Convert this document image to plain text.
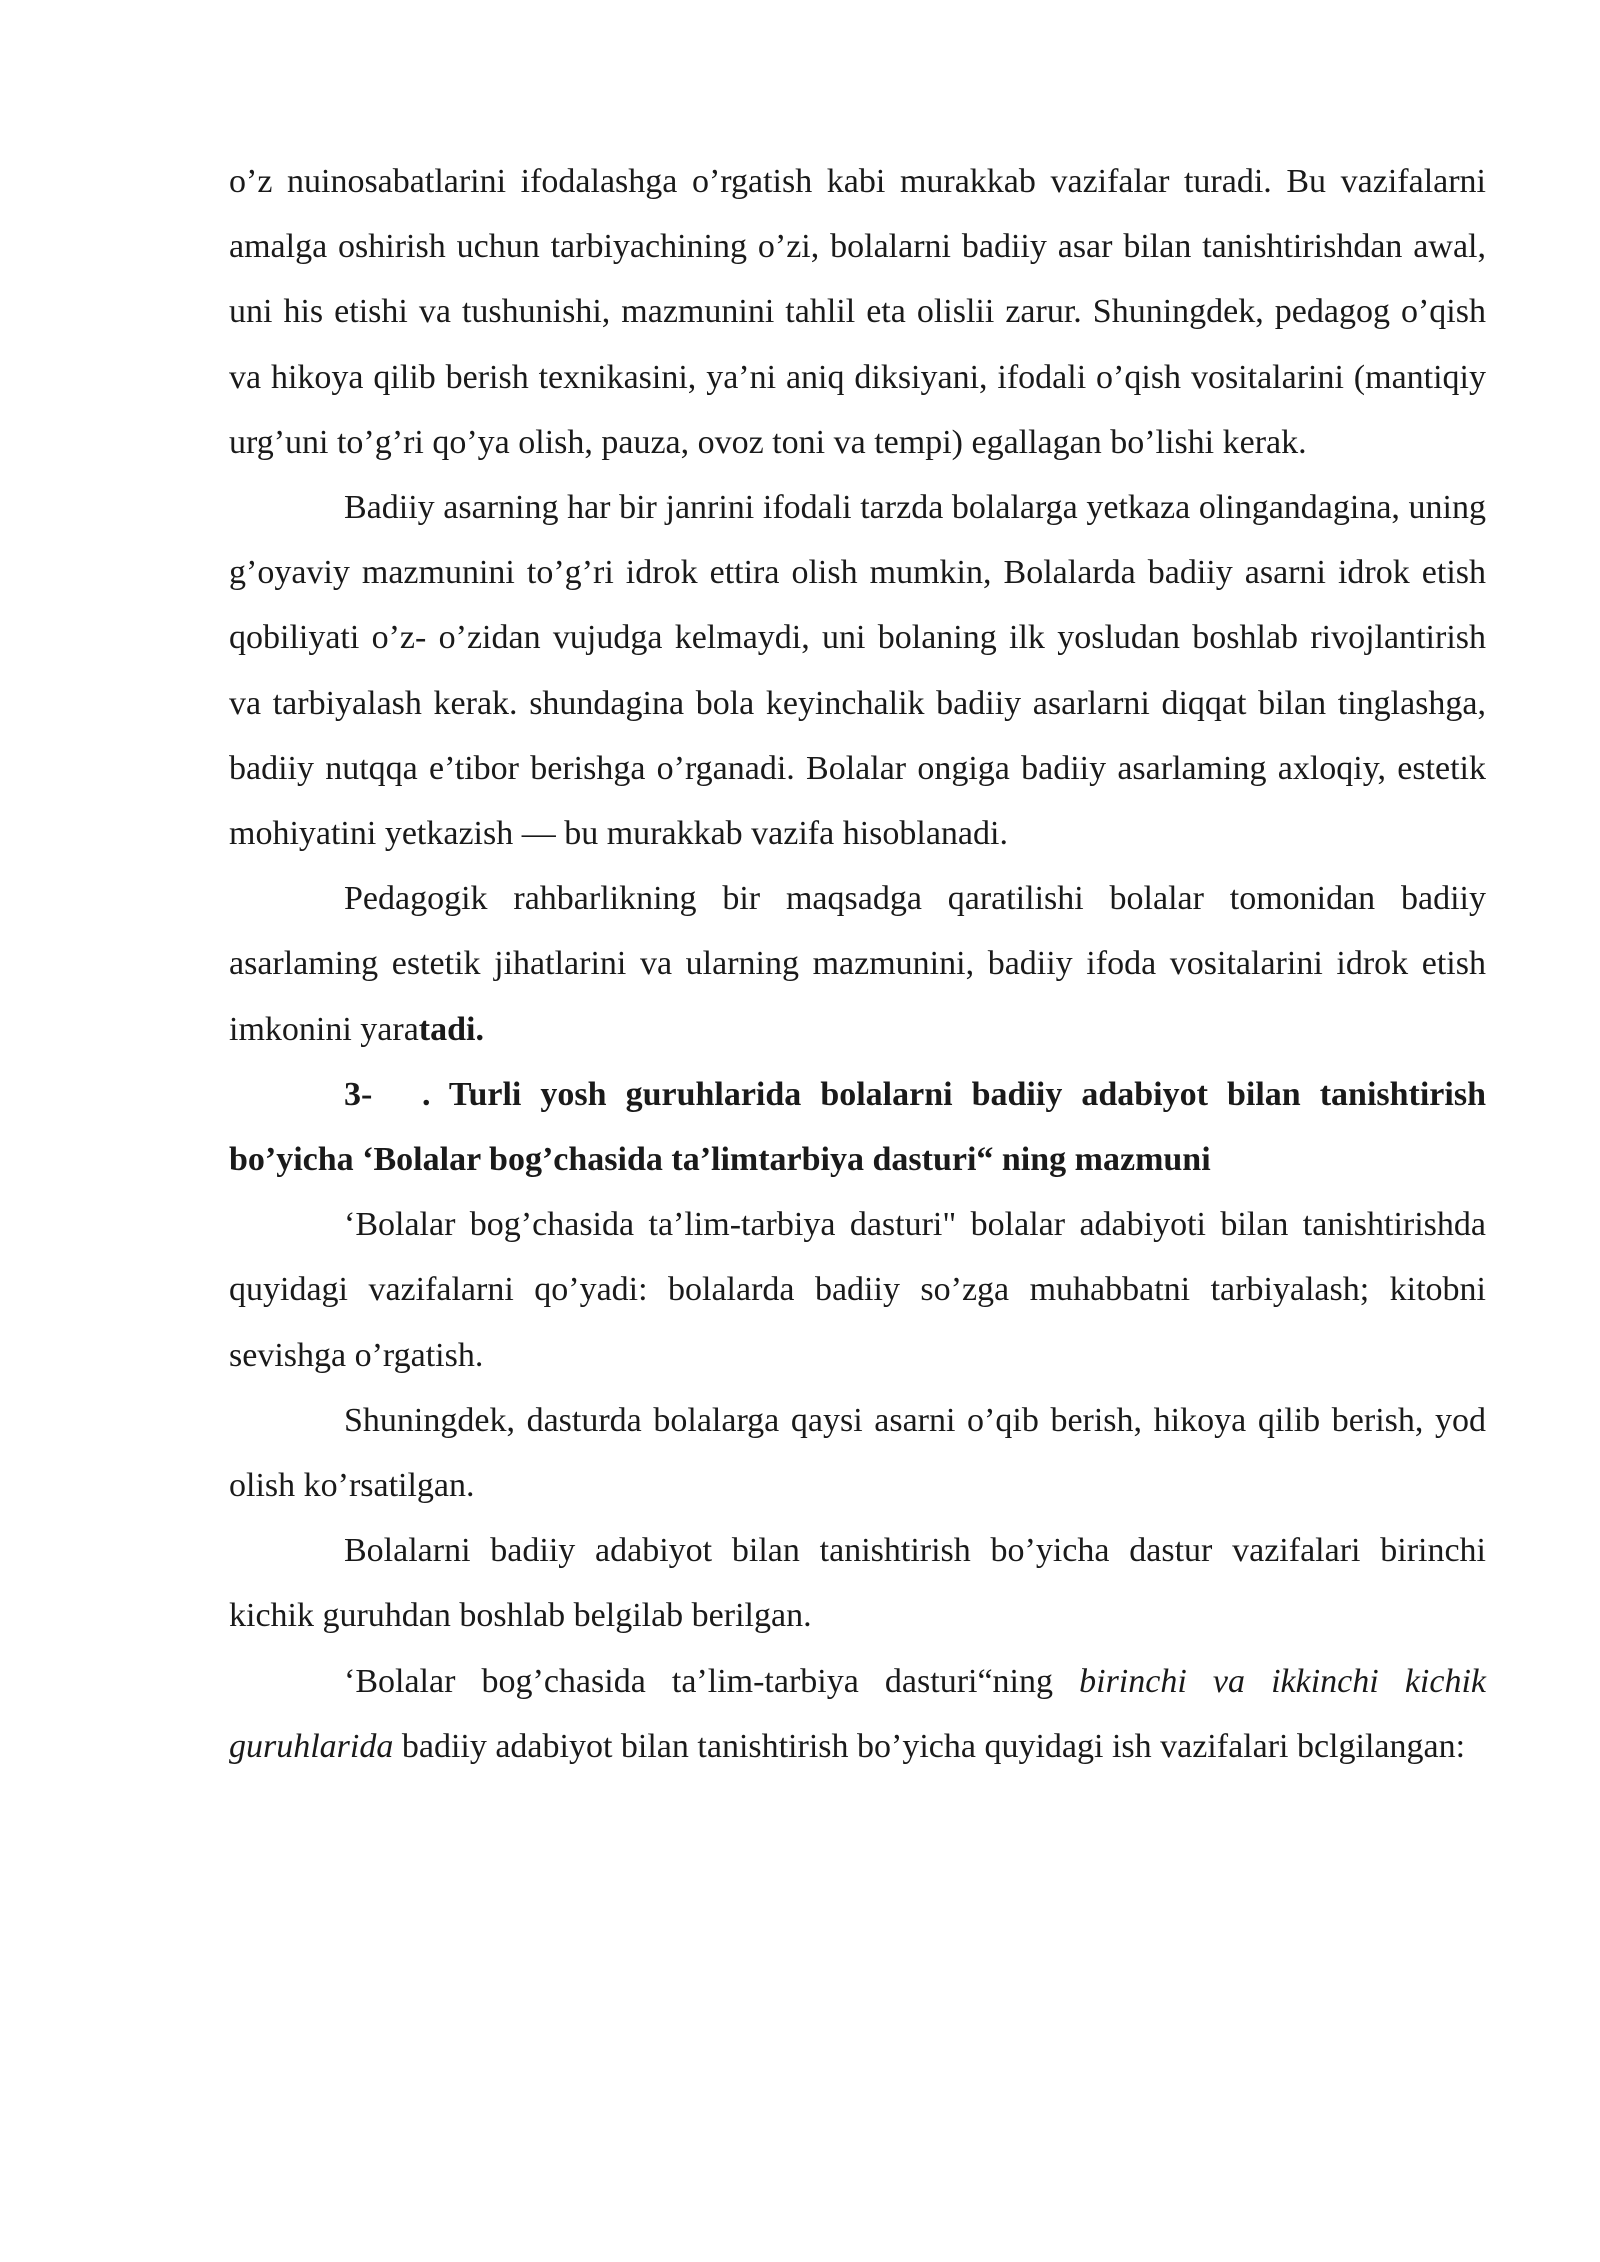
o’z nuinosabatlarini ifodalashga o’rgatish kabi murakkab vazifalar turadi. Bu vazifalarni amalga oshirish uchun tarbiyachining o’zi, bolalarni badiiy asar bilan tanishtirishdan awal, uni his etishi va tushunishi, mazmunini tahlil eta olislii zarur. Shuningdek, pedagog o’qish va hikoya qilib berish texnikasini, ya’ni aniq diksiyani, ifodali o’qish vositalarini (mantiqiy urg’uni to’g’ri qo’ya olish, pauza, ovoz toni va tempi) egallagan bo’lishi kerak.

Badiiy asarning har bir janrini ifodali tarzda bolalarga yetkaza olingandagina, uning g’oyaviy mazmunini to’g’ri idrok ettira olish mumkin, Bolalarda badiiy asarni idrok etish qobiliyati o’z- o’zidan vujudga kelmaydi, uni bolaning ilk yosludan boshlab rivojlantirish va tarbiyalash kerak. shundagina bola keyinchalik badiiy asarlarni diqqat bilan tinglashga, badiiy nutqqa e’tibor berishga o’rganadi. Bolalar ongiga badiiy asarlaming axloqiy, estetik mohiyatini yetkazish — bu murakkab vazifa hisoblanadi.

Pedagogik rahbarlikning bir maqsadga qaratilishi bolalar tomonidan badiiy asarlaming estetik jihatlarini va ularning mazmunini, badiiy ifoda vositalarini idrok etish imkonini yaratadi.

3- . Turli yosh guruhlarida bolalarni badiiy adabiyot bilan tanishtirish bo’yicha ‘Bolalar bog’chasida ta’limtarbiya dasturi“ ning mazmuni

‘Bolalar bog’chasida ta’lim-tarbiya dasturi" bolalar adabiyoti bilan tanishtirishda quyidagi vazifalarni qo’yadi: bolalarda badiiy so’zga muhabbatni tarbiyalash; kitobni sevishga o’rgatish.

Shuningdek, dasturda bolalarga qaysi asarni o’qib berish, hikoya qilib berish, yod olish ko’rsatilgan.

Bolalarni badiiy adabiyot bilan tanishtirish bo’yicha dastur vazifalari birinchi kichik guruhdan boshlab belgilab berilgan.

‘Bolalar bog’chasida ta’lim-tarbiya dasturi“ning birinchi va ikkinchi kichik guruhlarida badiiy adabiyot bilan tanishtirish bo’yicha quyidagi ish vazifalari bclgilangan:
